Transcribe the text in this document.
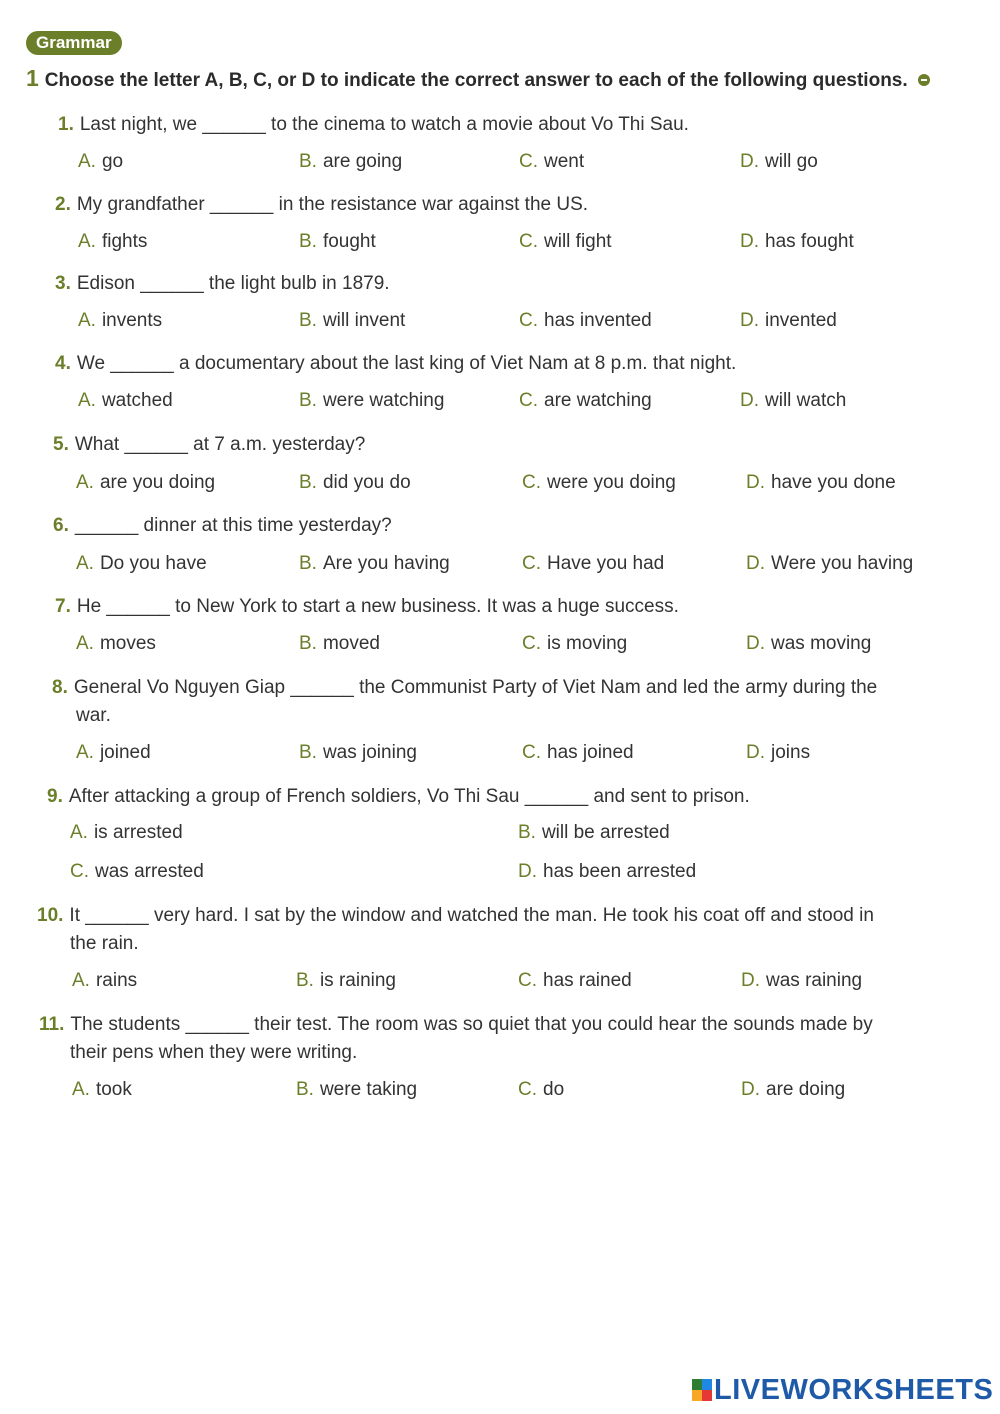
Grammar
1 Choose the letter A, B, C, or D to indicate the correct answer to each of the following questions.
1. Last night, we ______ to the cinema to watch a movie about Vo Thi Sau.
A. go	B. are going	C. went	D. will go
2. My grandfather ______ in the resistance war against the US.
A. fights	B. fought	C. will fight	D. has fought
3. Edison ______ the light bulb in 1879.
A. invents	B. will invent	C. has invented	D. invented
4. We ______ a documentary about the last king of Viet Nam at 8 p.m. that night.
A. watched	B. were watching	C. are watching	D. will watch
5. What ______ at 7 a.m. yesterday?
A. are you doing	B. did you do	C. were you doing	D. have you done
6. ______ dinner at this time yesterday?
A. Do you have	B. Are you having	C. Have you had	D. Were you having
7. He ______ to New York to start a new business. It was a huge success.
A. moves	B. moved	C. is moving	D. was moving
8. General Vo Nguyen Giap ______ the Communist Party of Viet Nam and led the army during the
war.
A. joined	B. was joining	C. has joined	D. joins
9. After attacking a group of French soldiers, Vo Thi Sau ______ and sent to prison.
A. is arrested	B. will be arrested
C. was arrested	D. has been arrested
10. It ______ very hard. I sat by the window and watched the man. He took his coat off and stood in
the rain.
A. rains	B. is raining	C. has rained	D. was raining
11. The students ______ their test. The room was so quiet that you could hear the sounds made by
their pens when they were writing.
A. took	B. were taking	C. do	D. are doing
LIVEWORKSHEETS
